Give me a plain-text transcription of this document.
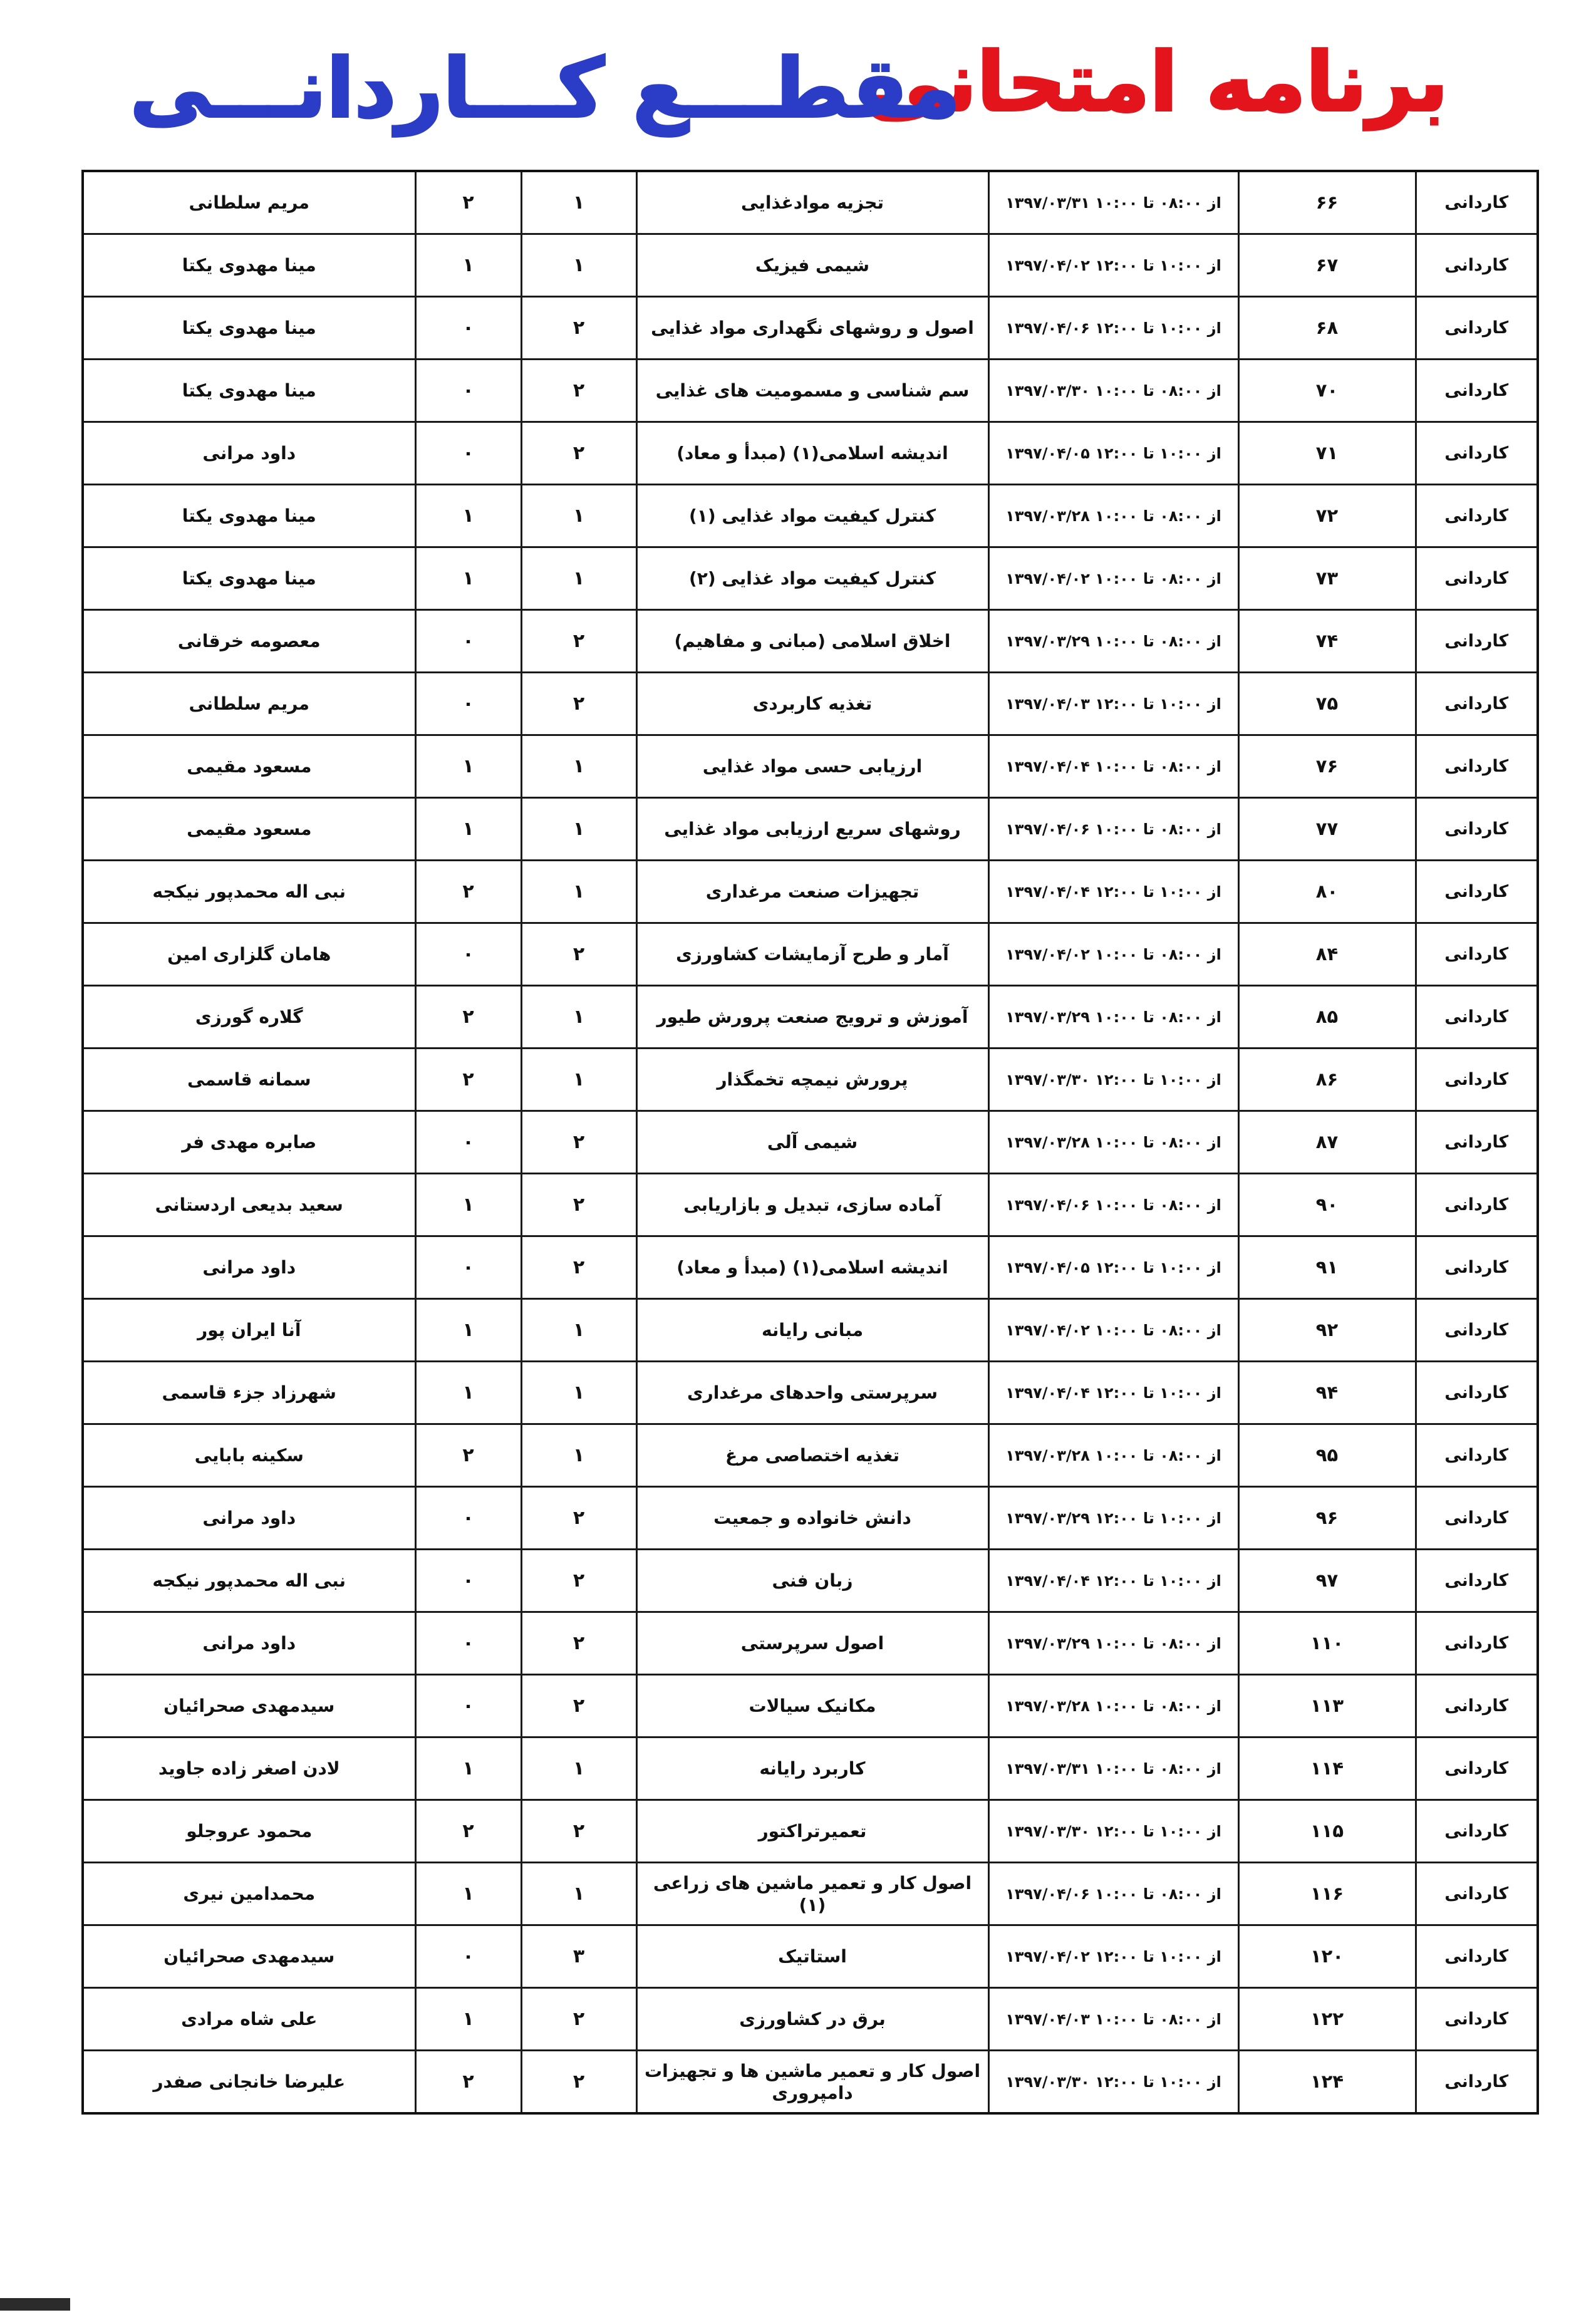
برنامه امتحانی
مقطـــع کـــاردانـــی
کاردانی	۶۶	از ۰۸:۰۰ تا ۱۰:۰۰ ۱۳۹۷/۰۳/۳۱	تجزیه موادغذایی	۱	۲	مریم سلطانی
کاردانی	۶۷	از ۱۰:۰۰ تا ۱۲:۰۰ ۱۳۹۷/۰۴/۰۲	شیمی فیزیک	۱	۱	مینا مهدوی یکتا
کاردانی	۶۸	از ۱۰:۰۰ تا ۱۲:۰۰ ۱۳۹۷/۰۴/۰۶	اصول و روشهای نگهداری مواد غذایی	۲	۰	مینا مهدوی یکتا
کاردانی	۷۰	از ۰۸:۰۰ تا ۱۰:۰۰ ۱۳۹۷/۰۳/۳۰	سم شناسی و مسمومیت های غذایی	۲	۰	مینا مهدوی یکتا
کاردانی	۷۱	از ۱۰:۰۰ تا ۱۲:۰۰ ۱۳۹۷/۰۴/۰۵	اندیشه اسلامی(۱) (مبدأ و معاد)	۲	۰	داود مرانی
کاردانی	۷۲	از ۰۸:۰۰ تا ۱۰:۰۰ ۱۳۹۷/۰۳/۲۸	کنترل کیفیت مواد غذایی (۱)	۱	۱	مینا مهدوی یکتا
کاردانی	۷۳	از ۰۸:۰۰ تا ۱۰:۰۰ ۱۳۹۷/۰۴/۰۲	کنترل کیفیت مواد غذایی (۲)	۱	۱	مینا مهدوی یکتا
کاردانی	۷۴	از ۰۸:۰۰ تا ۱۰:۰۰ ۱۳۹۷/۰۳/۲۹	اخلاق اسلامی (مبانی و مفاهیم)	۲	۰	معصومه خرقانی
کاردانی	۷۵	از ۱۰:۰۰ تا ۱۲:۰۰ ۱۳۹۷/۰۴/۰۳	تغذیه کاربردی	۲	۰	مریم سلطانی
کاردانی	۷۶	از ۰۸:۰۰ تا ۱۰:۰۰ ۱۳۹۷/۰۴/۰۴	ارزیابی حسی مواد غذایی	۱	۱	مسعود مقیمی
کاردانی	۷۷	از ۰۸:۰۰ تا ۱۰:۰۰ ۱۳۹۷/۰۴/۰۶	روشهای سریع ارزیابی مواد غذایی	۱	۱	مسعود مقیمی
کاردانی	۸۰	از ۱۰:۰۰ تا ۱۲:۰۰ ۱۳۹۷/۰۴/۰۴	تجهیزات صنعت مرغداری	۱	۲	نبی اله محمدپور نیکجه
کاردانی	۸۴	از ۰۸:۰۰ تا ۱۰:۰۰ ۱۳۹۷/۰۴/۰۲	آمار و طرح آزمایشات کشاورزی	۲	۰	هامان گلزاری امین
کاردانی	۸۵	از ۰۸:۰۰ تا ۱۰:۰۰ ۱۳۹۷/۰۳/۲۹	آموزش و ترویج صنعت پرورش طیور	۱	۲	گلاره گورزی
کاردانی	۸۶	از ۱۰:۰۰ تا ۱۲:۰۰ ۱۳۹۷/۰۳/۳۰	پرورش نیمچه تخمگذار	۱	۲	سمانه قاسمی
کاردانی	۸۷	از ۰۸:۰۰ تا ۱۰:۰۰ ۱۳۹۷/۰۳/۲۸	شیمی آلی	۲	۰	صابره مهدی فر
کاردانی	۹۰	از ۰۸:۰۰ تا ۱۰:۰۰ ۱۳۹۷/۰۴/۰۶	آماده سازی، تبدیل و بازاریابی	۲	۱	سعید بدیعی اردستانی
کاردانی	۹۱	از ۱۰:۰۰ تا ۱۲:۰۰ ۱۳۹۷/۰۴/۰۵	اندیشه اسلامی(۱) (مبدأ و معاد)	۲	۰	داود مرانی
کاردانی	۹۲	از ۰۸:۰۰ تا ۱۰:۰۰ ۱۳۹۷/۰۴/۰۲	مبانی رایانه	۱	۱	آنا ایران پور
کاردانی	۹۴	از ۱۰:۰۰ تا ۱۲:۰۰ ۱۳۹۷/۰۴/۰۴	سرپرستی واحدهای مرغداری	۱	۱	شهرزاد جزء قاسمی
کاردانی	۹۵	از ۰۸:۰۰ تا ۱۰:۰۰ ۱۳۹۷/۰۳/۲۸	تغذیه اختصاصی مرغ	۱	۲	سکینه بابایی
کاردانی	۹۶	از ۱۰:۰۰ تا ۱۲:۰۰ ۱۳۹۷/۰۳/۲۹	دانش خانواده و جمعیت	۲	۰	داود مرانی
کاردانی	۹۷	از ۱۰:۰۰ تا ۱۲:۰۰ ۱۳۹۷/۰۴/۰۴	زبان فنی	۲	۰	نبی اله محمدپور نیکجه
کاردانی	۱۱۰	از ۰۸:۰۰ تا ۱۰:۰۰ ۱۳۹۷/۰۳/۲۹	اصول سرپرستی	۲	۰	داود مرانی
کاردانی	۱۱۳	از ۰۸:۰۰ تا ۱۰:۰۰ ۱۳۹۷/۰۳/۲۸	مکانیک سیالات	۲	۰	سیدمهدی صحرائیان
کاردانی	۱۱۴	از ۰۸:۰۰ تا ۱۰:۰۰ ۱۳۹۷/۰۳/۳۱	کاربرد رایانه	۱	۱	لادن اصغر زاده جاوید
کاردانی	۱۱۵	از ۱۰:۰۰ تا ۱۲:۰۰ ۱۳۹۷/۰۳/۳۰	تعمیرتراکتور	۲	۲	محمود عروجلو
کاردانی	۱۱۶	از ۰۸:۰۰ تا ۱۰:۰۰ ۱۳۹۷/۰۴/۰۶	اصول کار و تعمیر ماشین های زراعی (۱)	۱	۱	محمدامین نیری
کاردانی	۱۲۰	از ۱۰:۰۰ تا ۱۲:۰۰ ۱۳۹۷/۰۴/۰۲	استاتیک	۳	۰	سیدمهدی صحرائیان
کاردانی	۱۲۲	از ۰۸:۰۰ تا ۱۰:۰۰ ۱۳۹۷/۰۴/۰۳	برق در کشاورزی	۲	۱	علی شاه مرادی
کاردانی	۱۲۴	از ۱۰:۰۰ تا ۱۲:۰۰ ۱۳۹۷/۰۳/۳۰	اصول کار و تعمیر ماشین ها و تجهیزات دامپروری	۲	۲	علیرضا خانجانی صفدر
